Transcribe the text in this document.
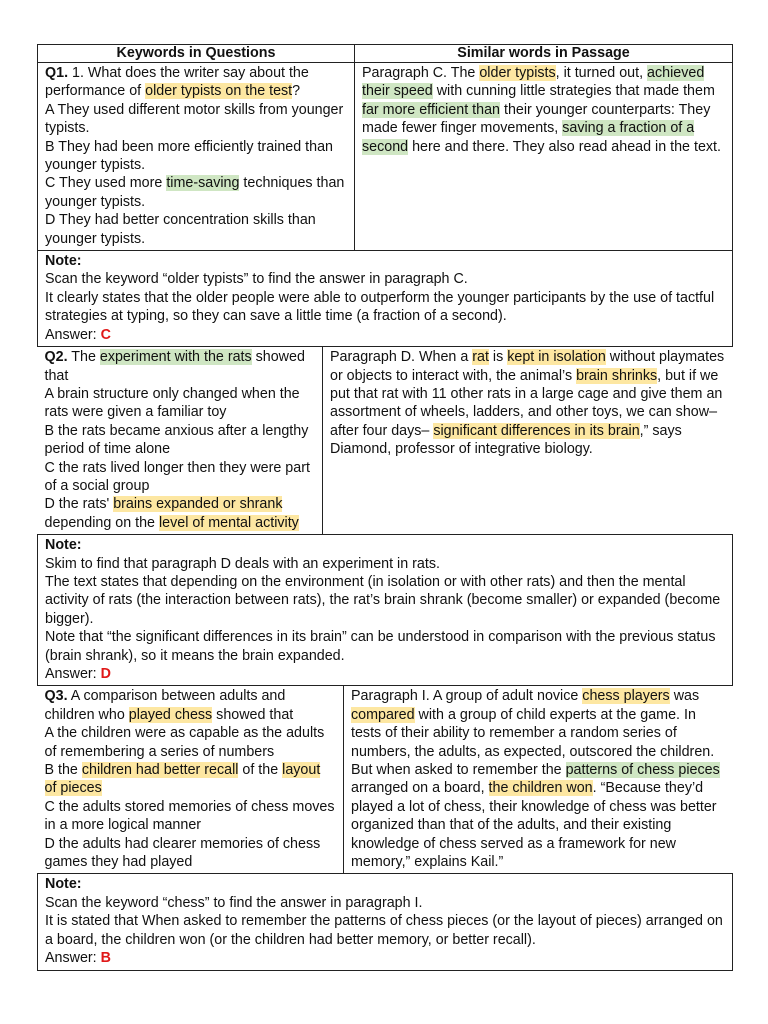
Keywords in Questions	Similar words in Passage

Q1. 1. What does the writer say about the performance of older typists on the test?
A They used different motor skills from younger typists.
B They had been more efficiently trained than younger typists.
C They used more time-saving techniques than younger typists.
D They had better concentration skills than younger typists.
	Paragraph C. The older typists, it turned out, achieved their speed with cunning little strategies that made them far more efficient than their younger counterparts: They made fewer finger movements, saving a fraction of a second here and there. They also read ahead in the text.

Note:
Scan the keyword “older typists” to find the answer in paragraph C.
It clearly states that the older people were able to outperform the younger participants by the use of tactful strategies at typing, so they can save a little time (a fraction of a second).
Answer: C

Q2. The experiment with the rats showed that
A brain structure only changed when the rats were given a familiar toy
B the rats became anxious after a lengthy period of time alone
C the rats lived longer then they were part of a social group
D the rats' brains expanded or shrank depending on the level of mental activity
	Paragraph D. When a rat is kept in isolation without playmates or objects to interact with, the animal’s brain shrinks, but if we put that rat with 11 other rats in a large cage and give them an assortment of wheels, ladders, and other toys, we can show–after four days– significant differences in its brain,” says Diamond, professor of integrative biology.

Note:
Skim to find that paragraph D deals with an experiment in rats.
The text states that depending on the environment (in isolation or with other rats) and then the mental activity of rats (the interaction between rats), the rat’s brain shrank (become smaller) or expanded (become bigger).
Note that “the significant differences in its brain” can be understood in comparison with the previous status (brain shrank), so it means the brain expanded.
Answer: D

Q3. A comparison between adults and children who played chess showed that
A the children were as capable as the adults of remembering a series of numbers
B the children had better recall of the layout of pieces
C the adults stored memories of chess moves in a more logical manner
D the adults had clearer memories of chess games they had played
	Paragraph I. A group of adult novice chess players was compared with a group of child experts at the game. In tests of their ability to remember a random series of numbers, the adults, as expected, outscored the children. But when asked to remember the patterns of chess pieces arranged on a board, the children won. “Because they’d played a lot of chess, their knowledge of chess was better organized than that of the adults, and their existing knowledge of chess served as a framework for new memory,” explains Kail.”

Note:
Scan the keyword “chess” to find the answer in paragraph I.
It is stated that When asked to remember the patterns of chess pieces (or the layout of pieces) arranged on a board, the children won (or the children had better memory, or better recall).
Answer: B
